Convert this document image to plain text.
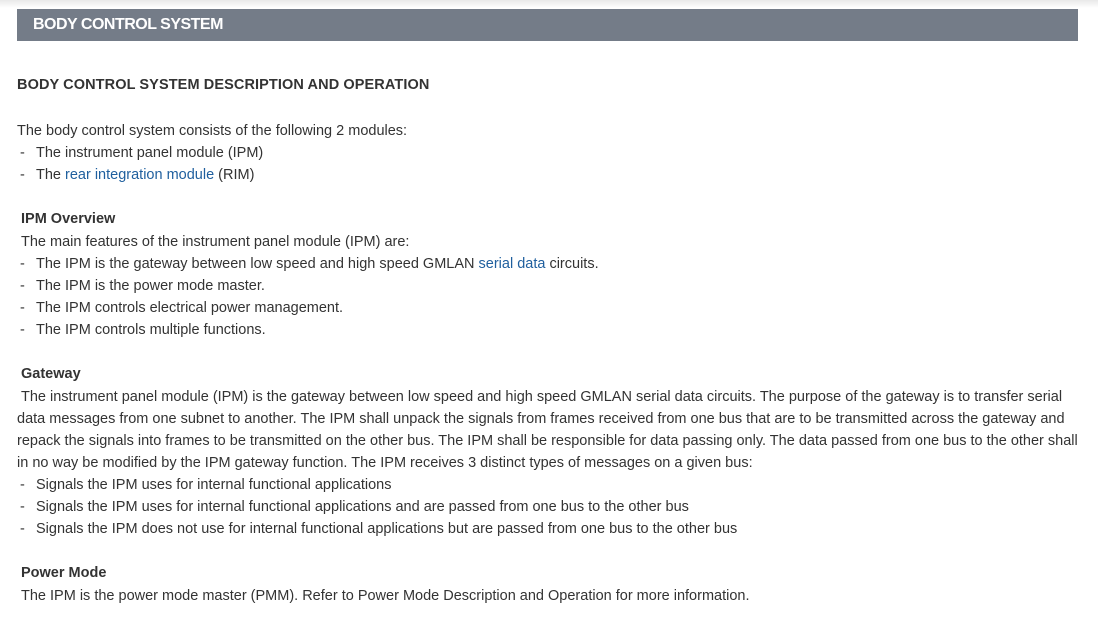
BODY CONTROL SYSTEM
BODY CONTROL SYSTEM DESCRIPTION AND OPERATION
The body control system consists of the following 2 modules:
- The instrument panel module (IPM)
- The rear integration module (RIM)
IPM Overview
The main features of the instrument panel module (IPM) are:
- The IPM is the gateway between low speed and high speed GMLAN serial data circuits.
- The IPM is the power mode master.
- The IPM controls electrical power management.
- The IPM controls multiple functions.
Gateway
The instrument panel module (IPM) is the gateway between low speed and high speed GMLAN serial data circuits. The purpose of the gateway is to transfer serial data messages from one subnet to another. The IPM shall unpack the signals from frames received from one bus that are to be transmitted across the gateway and repack the signals into frames to be transmitted on the other bus. The IPM shall be responsible for data passing only. The data passed from one bus to the other shall in no way be modified by the IPM gateway function. The IPM receives 3 distinct types of messages on a given bus:
- Signals the IPM uses for internal functional applications
- Signals the IPM uses for internal functional applications and are passed from one bus to the other bus
- Signals the IPM does not use for internal functional applications but are passed from one bus to the other bus
Power Mode
The IPM is the power mode master (PMM). Refer to Power Mode Description and Operation for more information.
